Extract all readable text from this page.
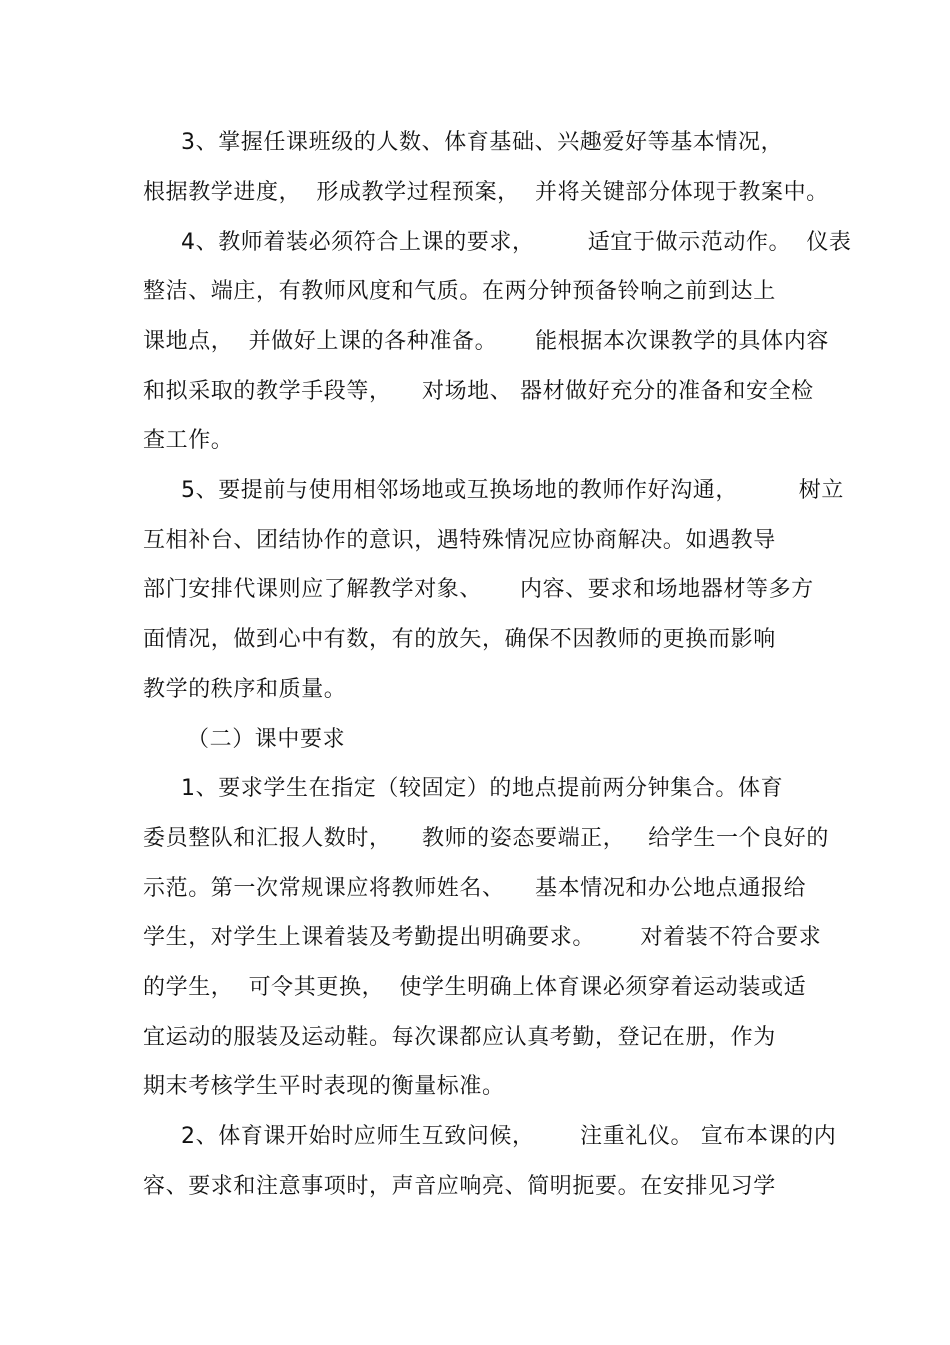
3、掌握任课班级的人数、体育基础、兴趣爱好等基本情况，
根据教学进度，  形成教学过程预案，  并将关键部分体现于教案中。
4、教师着装必须符合上课的要求，       适宜于做示范动作。  仪表
整洁、端庄，有教师风度和气质。在两分钟预备铃响之前到达上
课地点，  并做好上课的各种准备。     能根据本次课教学的具体内容
和拟采取的教学手段等，    对场地、 器材做好充分的准备和安全检
查工作。
5、要提前与使用相邻场地或互换场地的教师作好沟通，        树立
互相补台、团结协作的意识，遇特殊情况应协商解决。如遇教导
部门安排代课则应了解教学对象、     内容、要求和场地器材等多方
面情况，做到心中有数，有的放矢，确保不因教师的更换而影响
教学的秩序和质量。
（二）课中要求
1、要求学生在指定（较固定）的地点提前两分钟集合。体育
委员整队和汇报人数时，    教师的姿态要端正，   给学生一个良好的
示范。第一次常规课应将教师姓名、    基本情况和办公地点通报给
学生，对学生上课着装及考勤提出明确要求。      对着装不符合要求
的学生，  可令其更换，  使学生明确上体育课必须穿着运动装或适
宜运动的服装及运动鞋。每次课都应认真考勤，登记在册，作为
期末考核学生平时表现的衡量标准。
2、体育课开始时应师生互致问候，      注重礼仪。 宣布本课的内
容、要求和注意事项时，声音应响亮、简明扼要。在安排见习学
